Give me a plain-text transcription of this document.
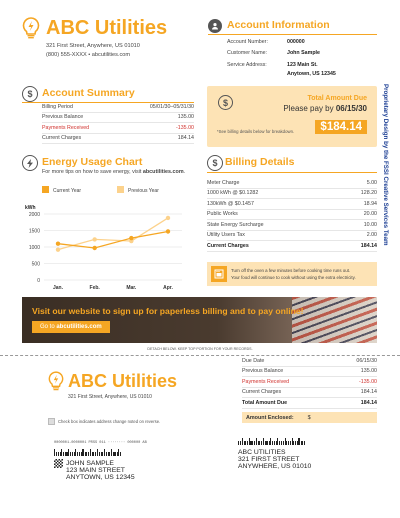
ABC Utilities
321 First Street, Anywhere, US 01010
(800) 555-XXXX • abcutilities.com
Account Information
Account Number:	000000
Customer Name:	John Sample
Service Address:	123 Main St.
Anytown, US 12345
$ Account Summary
Billing Period	05/01/30–05/31/30
Previous Balance	135.00
Payments Received	-135.00
Current Charges	184.14
$	Total Amount Due
Please pay by 06/15/30
*See billing details below for breakdown.	$184.14	Proprietary Design by the FSSI Creative Services Team
Energy Usage Chart
For more tips on how to save energy, visit abcutilities.com.
Current Year	Previous Year
kWh
0
500
1000
1500
2000
Jan.	Feb.	Mar.	Apr.
$ Billing Details
Meter Charge	5.00
1000 kWh @ $0.1282	128.20
130kWh @ $0.1457	18.94
Public Works	20.00
State Energy Surcharge	10.00
Utility Users Tax	2.00
Current Charges	184.14
Turn off the oven a few minutes before cooking time runs out.
Your food will continue to cook without using the extra electricity.
Visit our website to sign up for paperless billing and to pay online!
Go to abcutilities.com
DETACH BELOW. KEEP TOP PORTION FOR YOUR RECORDS.
ABC Utilities
321 First Street, Anywhere, US 01010
Check box indicates address change noted on reverse.
0000001-0000001 PRSS 011 ········ 000000 AB
JOHN SAMPLE
123 MAIN STREET
ANYTOWN, US 12345
Due Date	06/15/30
Previous Balance	135.00
Payments Received	-135.00
Current Charges	184.14
Total Amount Due	184.14
Amount Enclosed:	$
ABC UTILITIES
321 FIRST STREET
ANYWHERE, US 01010
